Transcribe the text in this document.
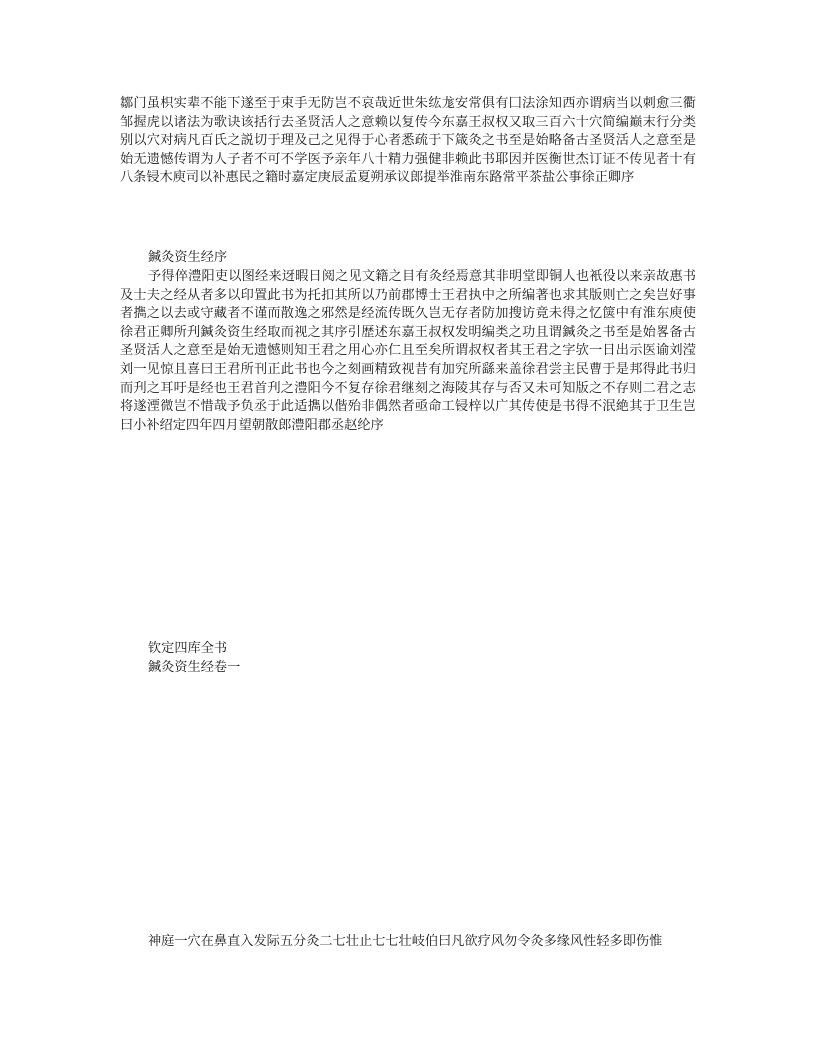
鄒门虽枳实辈不能下遂至于束手无防岂不哀哉近世朱纮尨安常俱有囗法涂知西亦谓病当以刺愈三衢邹握虎以诸法为歌诀该括行去圣贤活人之意赖以复传今东嘉王叔权又取三百六十穴简编巅末行分类别以穴对病凡百氏之説切于理及己之见得于心者悉疏于下箴灸之书至是始略备古圣贤活人之意至是始无遗憾传谓为人子者不可不学医予亲年八十精力强健非赖此书耶因并医衡世杰订证不传见者十有八条锓木庾司以补惠民之籍时嘉定庚辰孟夏朔承议郎提举淮南东路常平茶盐公事徐正卿序

鍼灸资生经序

予得倅澧阳吏以图经来迓暇日阅之见文籍之目有灸经焉意其非明堂即铜人也衹役以来亲故惠书及士夫之经从者多以印置此书为托扣其所以乃前郡博士王君执中之所编著也求其版则亡之矣岂好事者擕之以去或守藏者不谨而散逸之邪然是经流传既久岂无存者防加搜访竟未得之忆箧中有淮东庾使徐君正卿所刋鍼灸资生经取而视之其序引歴述东嘉王叔权发明编类之功且谓鍼灸之书至是始畧备古圣贤活人之意至是始无遗憾则知王君之用心亦仁且至矣所谓叔权者其王君之字欤一日出示医谕刘滢刘一见惊且喜曰王君所刊正此书也今之刻画精致视昔有加究所繇来盖徐君尝主民曹于是邦得此书归而刋之耳吁是经也王君首刋之澧阳今不复存徐君继刻之海陵其存与否又未可知版之不存则二君之志将遂湮微岂不惜哉予负丞于此适擕以偕殆非偶然者亟命工锓梓以广其传使是书得不泯絶其于卫生岂曰小补绍定四年四月望朝散郎澧阳郡丞赵纶序

钦定四库全书

鍼灸资生经卷一

神庭一穴在鼻直入发际五分灸二七壮止七七壮岐伯曰凡欲疗风勿令灸多缘风性轻多即伤惟
